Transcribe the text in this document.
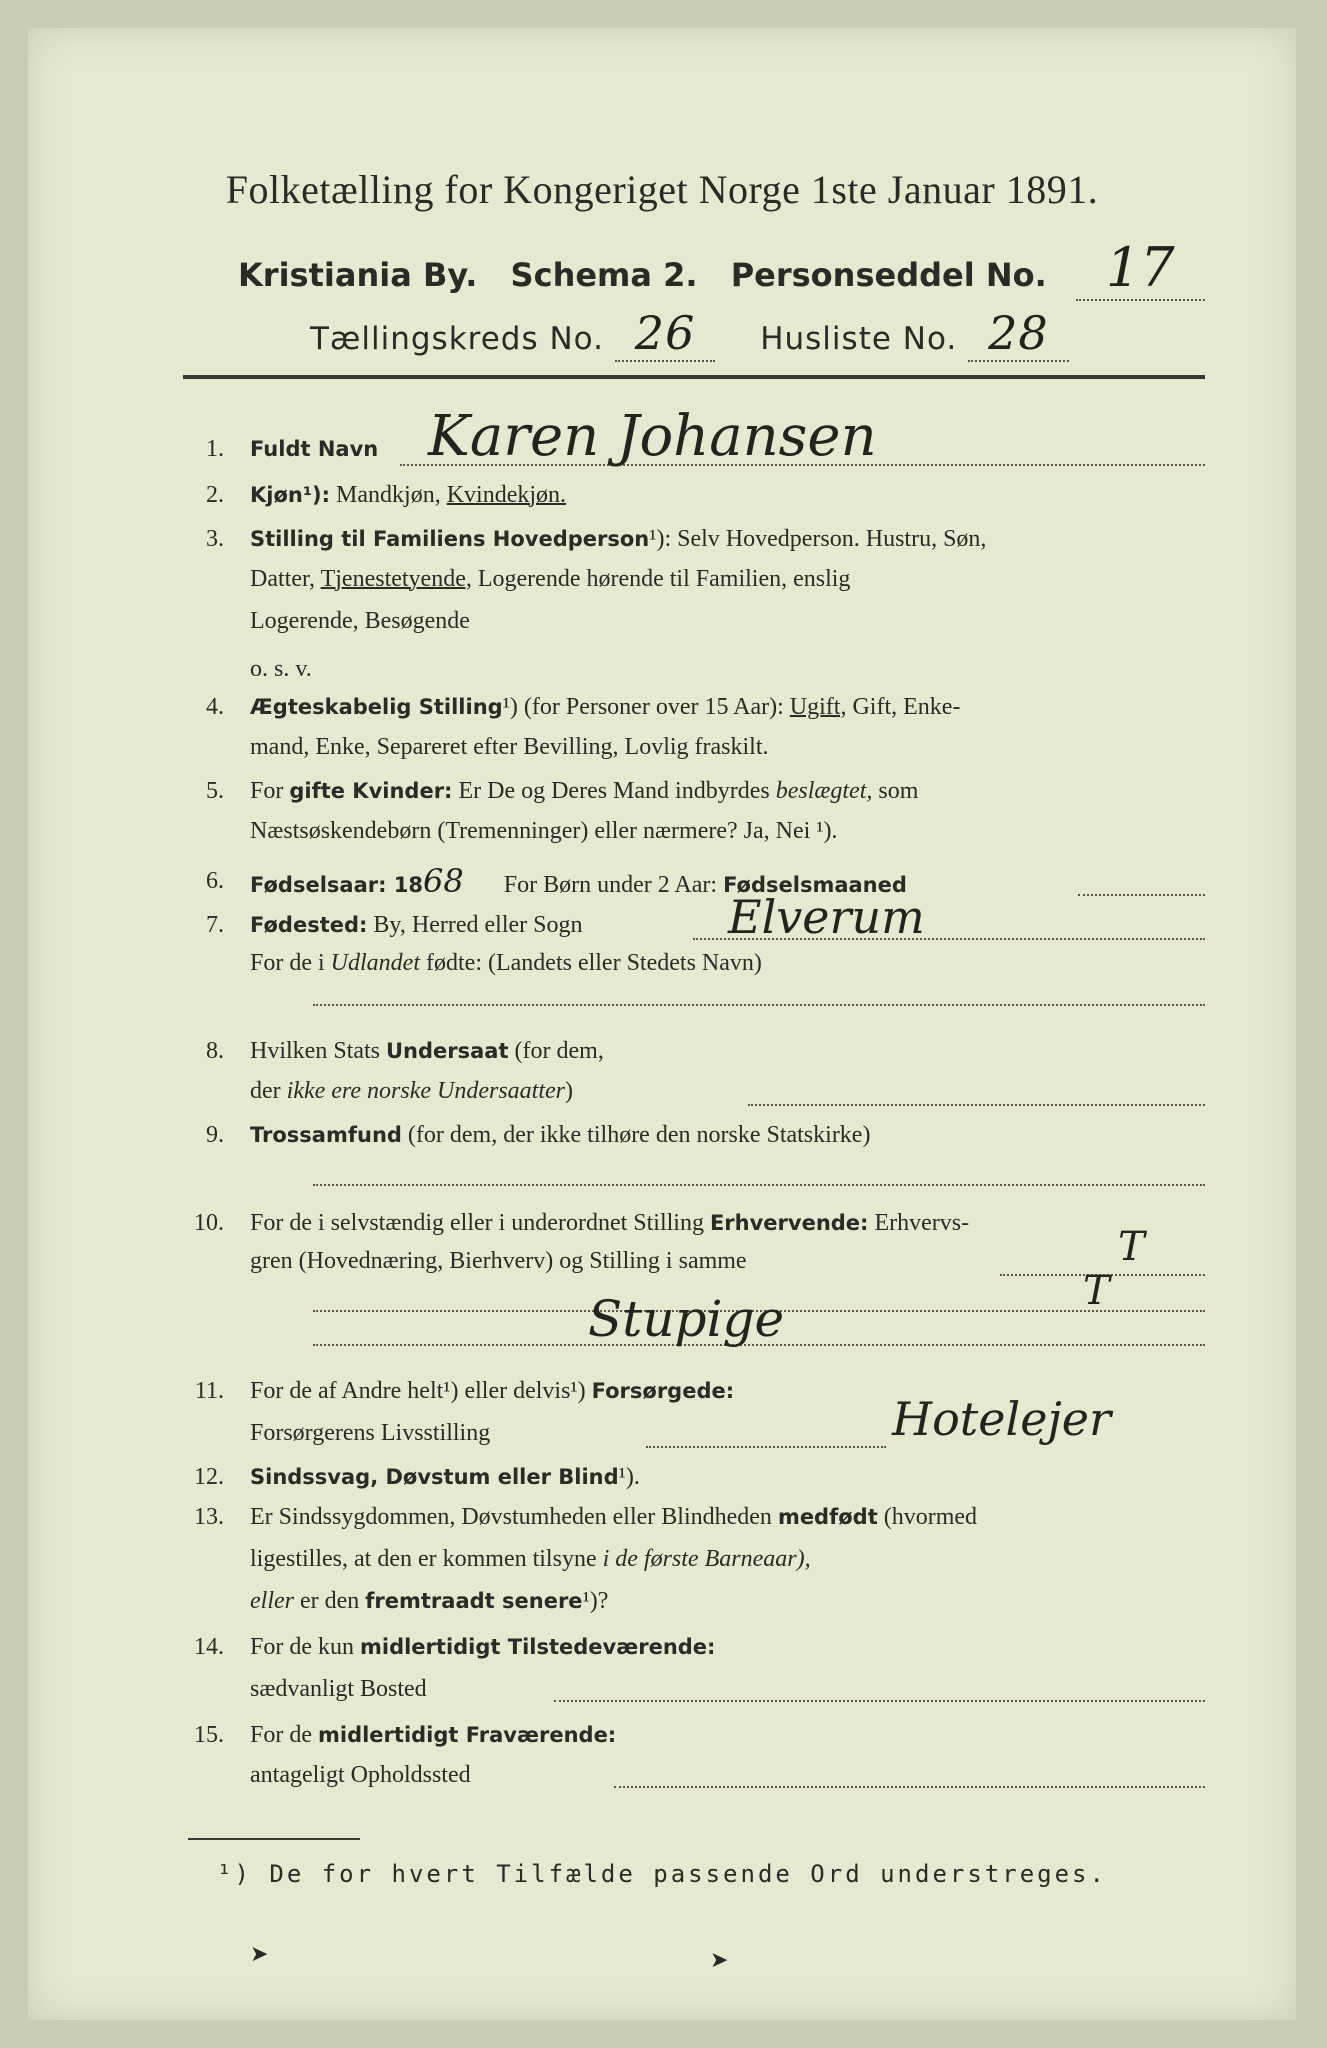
Folketælling for Kongeriget Norge 1ste Januar 1891.
Kristiania By. Schema 2. Personseddel No. 17
Tællingskreds No. 26 Husliste No. 28
1. Fuldt Navn Karen Johansen
2. Kjøn¹): Mandkjøn, Kvindekjøn.
3. Stilling til Familiens Hovedperson¹): Selv Hovedperson. Hustru, Søn,
Datter, Tjenestetyende, Logerende hørende til Familien, enslig
Logerende, Besøgende
o. s. v.
4. Ægteskabelig Stilling¹) (for Personer over 15 Aar): Ugift, Gift, Enke-
mand, Enke, Separeret efter Bevilling, Lovlig fraskilt.
5. For gifte Kvinder: Er De og Deres Mand indbyrdes beslægtet, som
Næstsøskendebørn (Tremenninger) eller nærmere? Ja, Nei ¹).
6. Fødselsaar: 1868 For Børn under 2 Aar: Fødselsmaaned
7. Fødested: By, Herred eller Sogn	Elverum
For de i Udlandet fødte: (Landets eller Stedets Navn)
8. Hvilken Stats Undersaat (for dem,
der ikke ere norske Undersaatter)
9. Trossamfund (for dem, der ikke tilhøre den norske Statskirke)
10. For de i selvstændig eller i underordnet Stilling Erhvervende: Erhvervs-
gren (Hovednæring, Bierhverv) og Stilling i samme	T
T
Stupige
11. For de af Andre helt¹) eller delvis¹) Forsørgede:
Forsørgerens Livsstilling	Hotelejer
12. Sindssvag, Døvstum eller Blind¹).
13. Er Sindssygdommen, Døvstumheden eller Blindheden medfødt (hvormed
ligestilles, at den er kommen tilsyne i de første Barneaar),
eller er den fremtraadt senere¹)?
14. For de kun midlertidigt Tilstedeværende:
sædvanligt Bosted
15. For de midlertidigt Fraværende:
antageligt Opholdssted
¹) De for hvert Tilfælde passende Ord understreges.
➤	➤
